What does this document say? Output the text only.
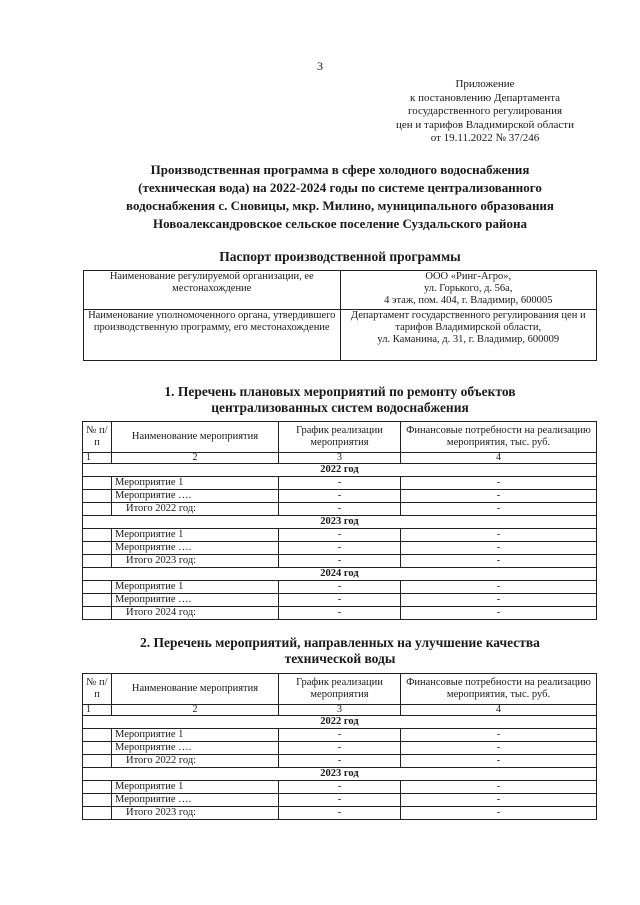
3
Приложение
к постановлению Департамента
государственного регулирования
цен и тарифов Владимирской области
от 19.11.2022 № 37/246
Производственная программа в сфере холодного водоснабжения
(техническая вода) на 2022-2024 годы по системе централизованного
водоснабжения с. Сновицы, мкр. Милино, муниципального образования
Новоалександровское сельское поселение Суздальского района
Паспорт производственной программы
Наименование регулируемой организации, ее местонахождение	ООО «Ринг-Агро»,
ул. Горького, д. 56а,
4 этаж, пом. 404, г. Владимир, 600005

Наименование уполномоченного органа, утвердившего производственную программу, его местонахождение	Департамент государственного регулирования цен и тарифов Владимирской области,
ул. Каманина, д. 31, г. Владимир, 600009
1. Перечень плановых мероприятий по ремонту объектов
централизованных систем водоснабжения
№ п/п	Наименование мероприятия	График реализации мероприятия	Финансовые потребности на реализацию мероприятия, тыс. руб.
1	2	3	4
2022 год			
	Мероприятие 1	-	-
	Мероприятие ….	-	-
	Итого 2022 год:	-	-
2023 год			
	Мероприятие 1	-	-
	Мероприятие ….	-	-
	Итого 2023 год:	-	-
2024 год			
	Мероприятие 1	-	-
	Мероприятие ….	-	-
	Итого 2024 год:	-	-
2. Перечень мероприятий, направленных на улучшение качества
технической воды
№ п/п	Наименование мероприятия	График реализации мероприятия	Финансовые потребности на реализацию мероприятия, тыс. руб.
1	2	3	4
2022 год			
	Мероприятие 1	-	-
	Мероприятие ….	-	-
	Итого 2022 год:	-	-
2023 год			
	Мероприятие 1	-	-
	Мероприятие ….	-	-
	Итого 2023 год:	-	-
